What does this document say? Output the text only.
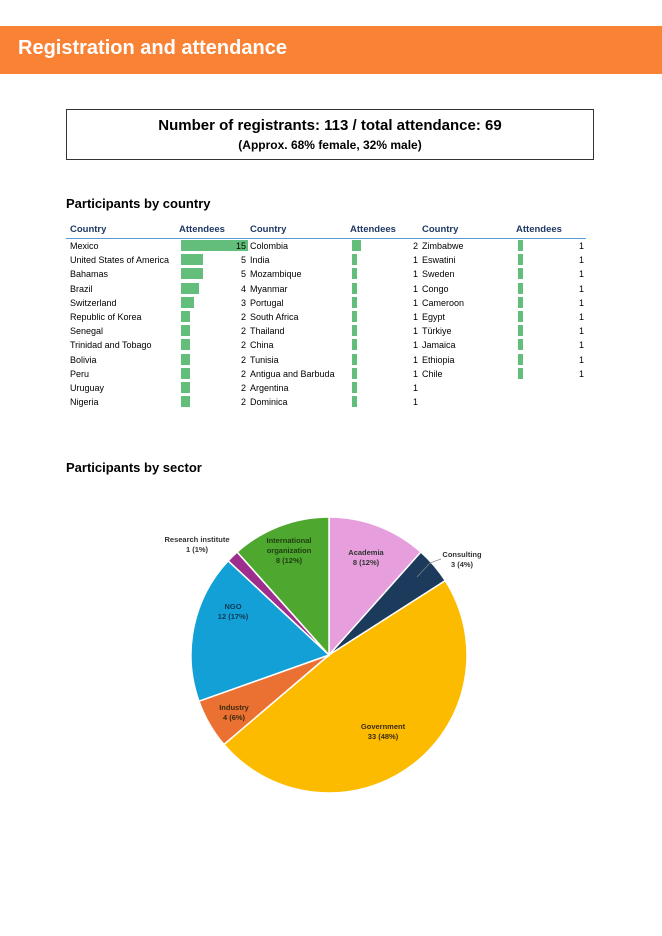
Registration and attendance
Number of registrants: 113 / total attendance: 69
(Approx. 68% female, 32% male)
Participants by country
Country	Attendees
Mexico	15
United States of America	5
Bahamas	5
Brazil	4
Switzerland	3
Republic of Korea	2
Senegal	2
Trinidad and Tobago	2
Bolivia	2
Peru	2
Uruguay	2
Nigeria	2
Country	Attendees
Colombia	2
India	1
Mozambique	1
Myanmar	1
Portugal	1
South Africa	1
Thailand	1
China	1
Tunisia	1
Antigua and Barbuda	1
Argentina	1
Dominica	1
Country	Attendees
Zimbabwe	1
Eswatini	1
Sweden	1
Congo	1
Cameroon	1
Egypt	1
Türkiye	1
Jamaica	1
Ethiopia	1
Chile	1
Participants by sector
Academia 8 (12%)
Consulting 3 (4%)
Government 33 (48%)
Industry 4 (6%)
NGO 12 (17%)
Research institute 1 (1%)
International organization 8 (12%)
